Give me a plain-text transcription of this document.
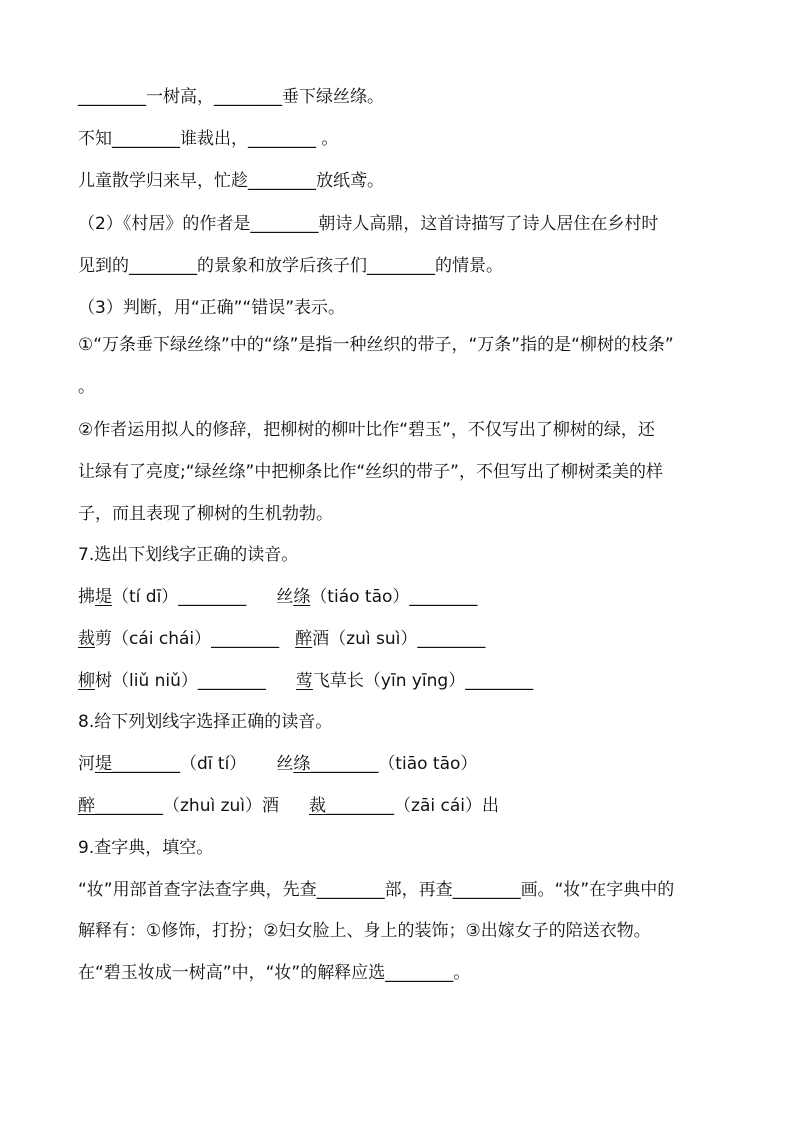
________一树高，________垂下绿丝绦。
不知________谁裁出，________ 。
儿童散学归来早，忙趁________放纸鸢。
（2）《村居》的作者是________朝诗人高鼎，这首诗描写了诗人居住在乡村时
见到的________的景象和放学后孩子们________的情景。
（3）判断，用“正确”“错误”表示。
①“万条垂下绿丝绦”中的“绦”是指一种丝织的带子，“万条”指的是“柳树的枝条”
。
②作者运用拟人的修辞，把柳树的柳叶比作“碧玉”，不仅写出了柳树的绿，还
让绿有了亮度;“绿丝绦”中把柳条比作“丝织的带子”，不但写出了柳树柔美的样
子，而且表现了柳树的生机勃勃。
7.选出下划线字正确的读音。
拂堤（tí dī）________ 丝绦（tiáo tāo）________
裁剪（cái chái）________ 醉酒（zuì suì）________
柳树（liǔ niǔ）________ 莺飞草长（yīn yīng）________
8.给下列划线字选择正确的读音。
河堤________（dī tí） 丝绦________（tiāo tāo）
醉________（zhuì zuì）酒 裁________（zāi cái）出
9.查字典，填空。
“妆”用部首查字法查字典，先查________部，再查________画。“妆”在字典中的
解释有：①修饰，打扮；②妇女脸上、身上的装饰；③出嫁女子的陪送衣物。
在“碧玉妆成一树高”中，“妆”的解释应选________。
